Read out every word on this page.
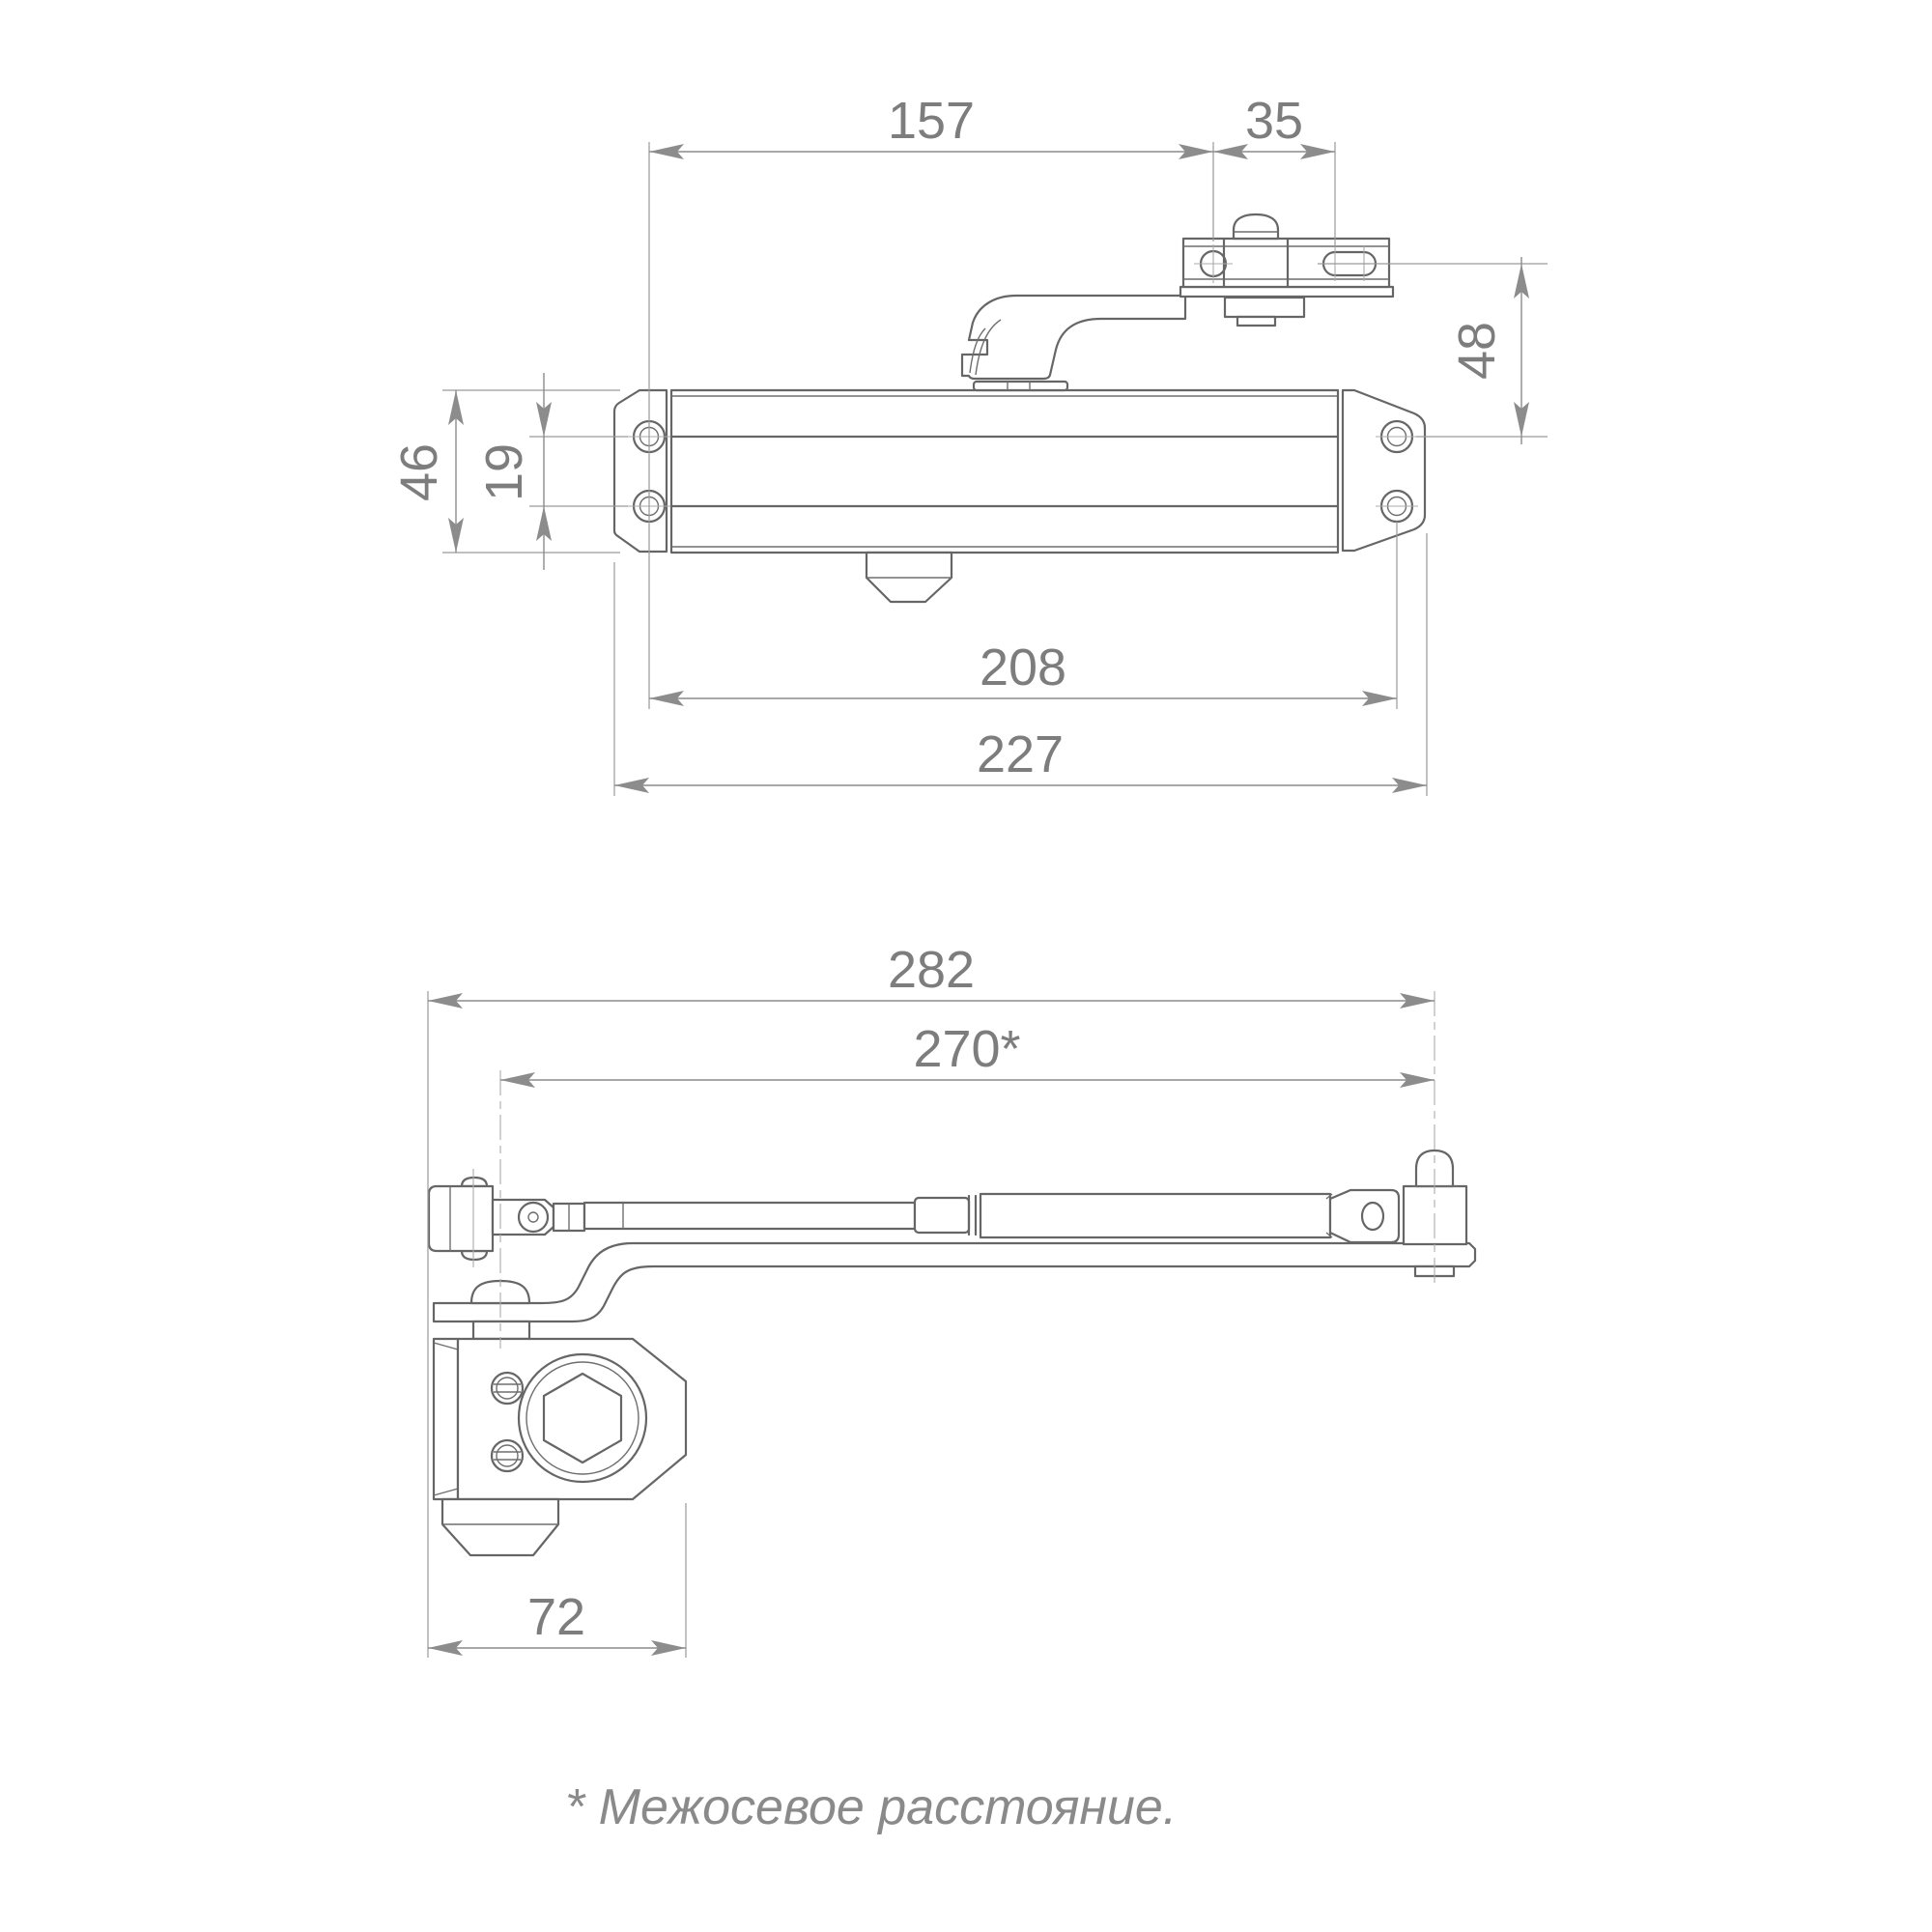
157	35
48
46 19
208
227
282
270*
72
* Межосевое расстояние.
